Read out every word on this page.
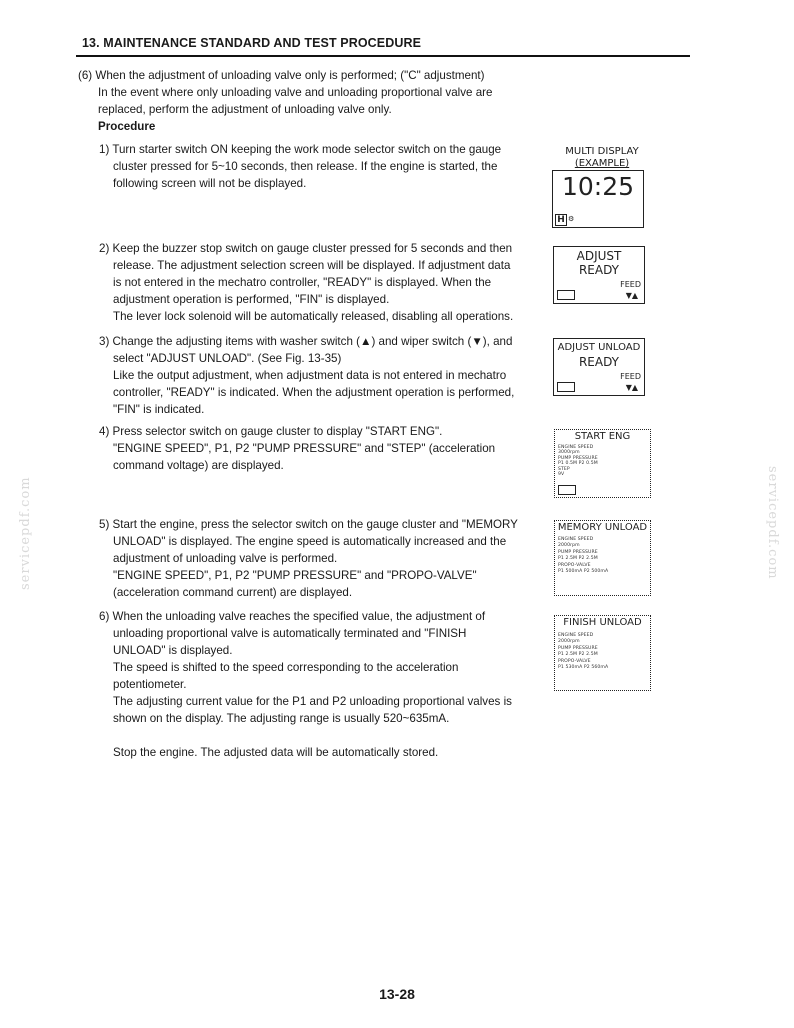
13. MAINTENANCE STANDARD AND TEST PROCEDURE
servicepdf.com	servicepdf.com
(6) When the adjustment of unloading valve only is performed; ("C" adjustment)
In the event where only unloading valve and unloading proportional valve are
replaced, perform the adjustment of unloading valve only.
Procedure
1) Turn starter switch ON keeping the work mode selector switch on the gauge
cluster pressed for 5~10 seconds, then release. If the engine is started, the
following screen will not be displayed.
2) Keep the buzzer stop switch on gauge cluster pressed for 5 seconds and then
release. The adjustment selection screen will be displayed. If adjustment data
is not entered in the mechatro controller, "READY" is displayed. When the
adjustment operation is performed, "FIN" is displayed.
The lever lock solenoid will be automatically released, disabling all operations.
3) Change the adjusting items with washer switch (▲) and wiper switch (▼), and
select "ADJUST UNLOAD". (See Fig. 13-35)
Like the output adjustment, when adjustment data is not entered in mechatro
controller, "READY" is indicated. When the adjustment operation is performed,
"FIN" is indicated.
4) Press selector switch on gauge cluster to display "START ENG".
"ENGINE SPEED", P1, P2 "PUMP PRESSURE" and "STEP" (acceleration
command voltage) are displayed.
5) Start the engine, press the selector switch on the gauge cluster and "MEMORY
UNLOAD" is displayed. The engine speed is automatically increased and the
adjustment of unloading valve is performed.
"ENGINE SPEED", P1, P2 "PUMP PRESSURE" and "PROPO-VALVE"
(acceleration command current) are displayed.
6) When the unloading valve reaches the specified value, the adjustment of
unloading proportional valve is automatically terminated and "FINISH
UNLOAD" is displayed.
The speed is shifted to the speed corresponding to the acceleration
potentiometer.
The adjusting current value for the P1 and P2 unloading proportional valves is
shown on the display. The adjusting range is usually 520~635mA.
Stop the engine. The adjusted data will be automatically stored.
MULTI DISPLAY
(EXAMPLE)
10:25
H ⚙
ADJUST
READY
FEED
▼▲
ADJUST UNLOAD
READY
FEED
▼▲
START ENG
ENGINE SPEED
3000rpm
PUMP PRESSURE
P1 0.5M P2 0.5M
STEP
9V
MEMORY UNLOAD
ENGINE SPEED
2000rpm
PUMP PRESSURE
P1 2.5M P2 2.5M
PROPO-VALVE
P1 500mA P2 500mA
FINISH UNLOAD
ENGINE SPEED
2000rpm
PUMP PRESSURE
P1 2.5M P2 2.5M
PROPO-VALVE
P1 530mA P2 560mA
13-28
